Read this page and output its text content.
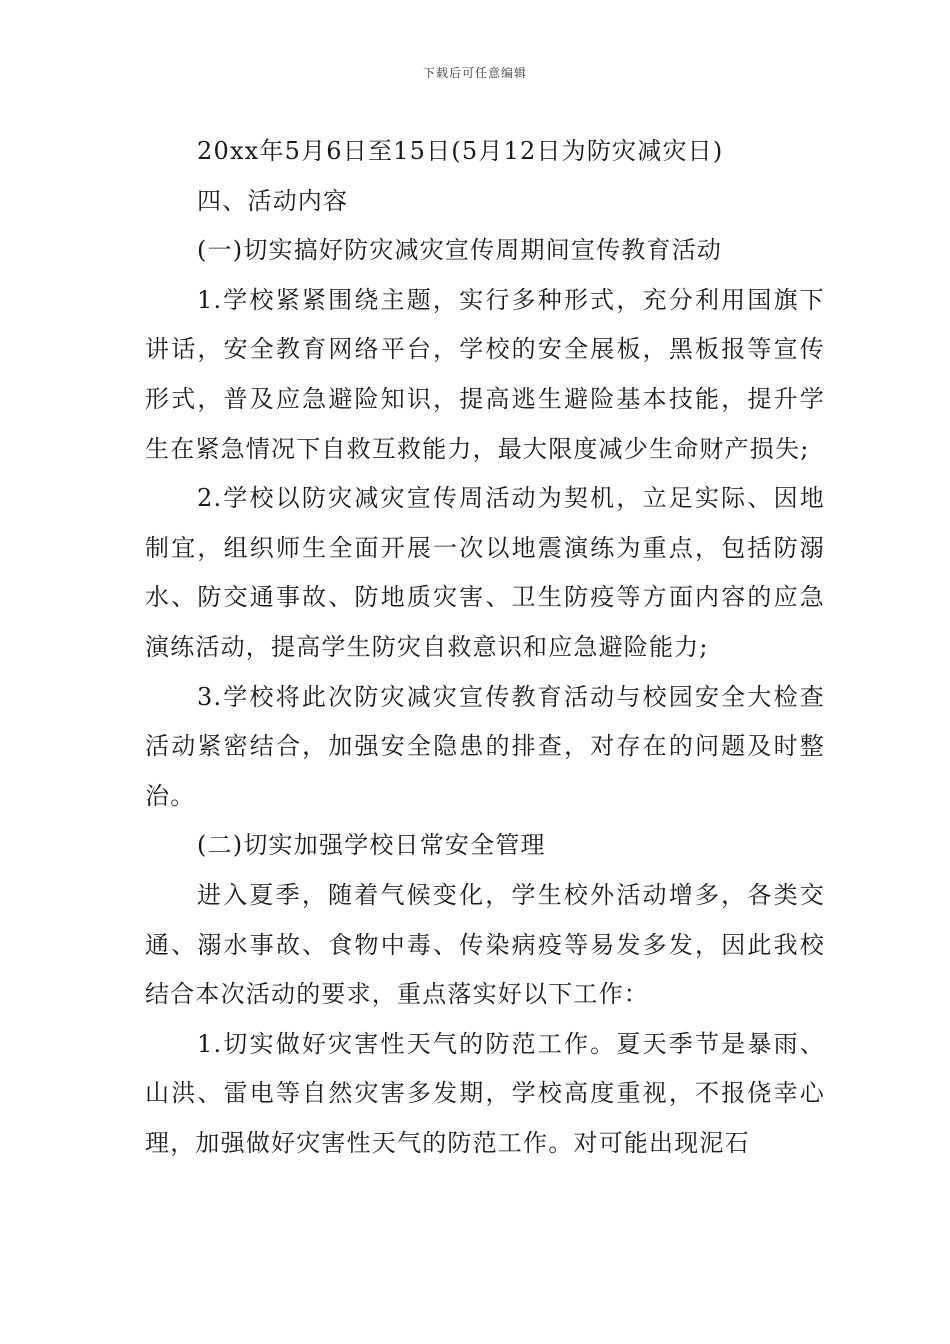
下载后可任意编辑

20xx年5月6日至15日(5月12日为防灾减灾日)

四、活动内容

(一)切实搞好防灾减灾宣传周期间宣传教育活动

1.学校紧紧围绕主题，实行多种形式，充分利用国旗下讲话，安全教育网络平台，学校的安全展板，黑板报等宣传形式，普及应急避险知识，提高逃生避险基本技能，提升学生在紧急情况下自救互救能力，最大限度减少生命财产损失;

2.学校以防灾减灾宣传周活动为契机，立足实际、因地制宜，组织师生全面开展一次以地震演练为重点，包括防溺水、防交通事故、防地质灾害、卫生防疫等方面内容的应急演练活动，提高学生防灾自救意识和应急避险能力;

3.学校将此次防灾减灾宣传教育活动与校园安全大检查活动紧密结合，加强安全隐患的排查，对存在的问题及时整治。

(二)切实加强学校日常安全管理

进入夏季，随着气候变化，学生校外活动增多，各类交通、溺水事故、食物中毒、传染病疫等易发多发，因此我校结合本次活动的要求，重点落实好以下工作：

1.切实做好灾害性天气的防范工作。夏天季节是暴雨、山洪、雷电等自然灾害多发期，学校高度重视，不报侥幸心理，加强做好灾害性天气的防范工作。对可能出现泥石
